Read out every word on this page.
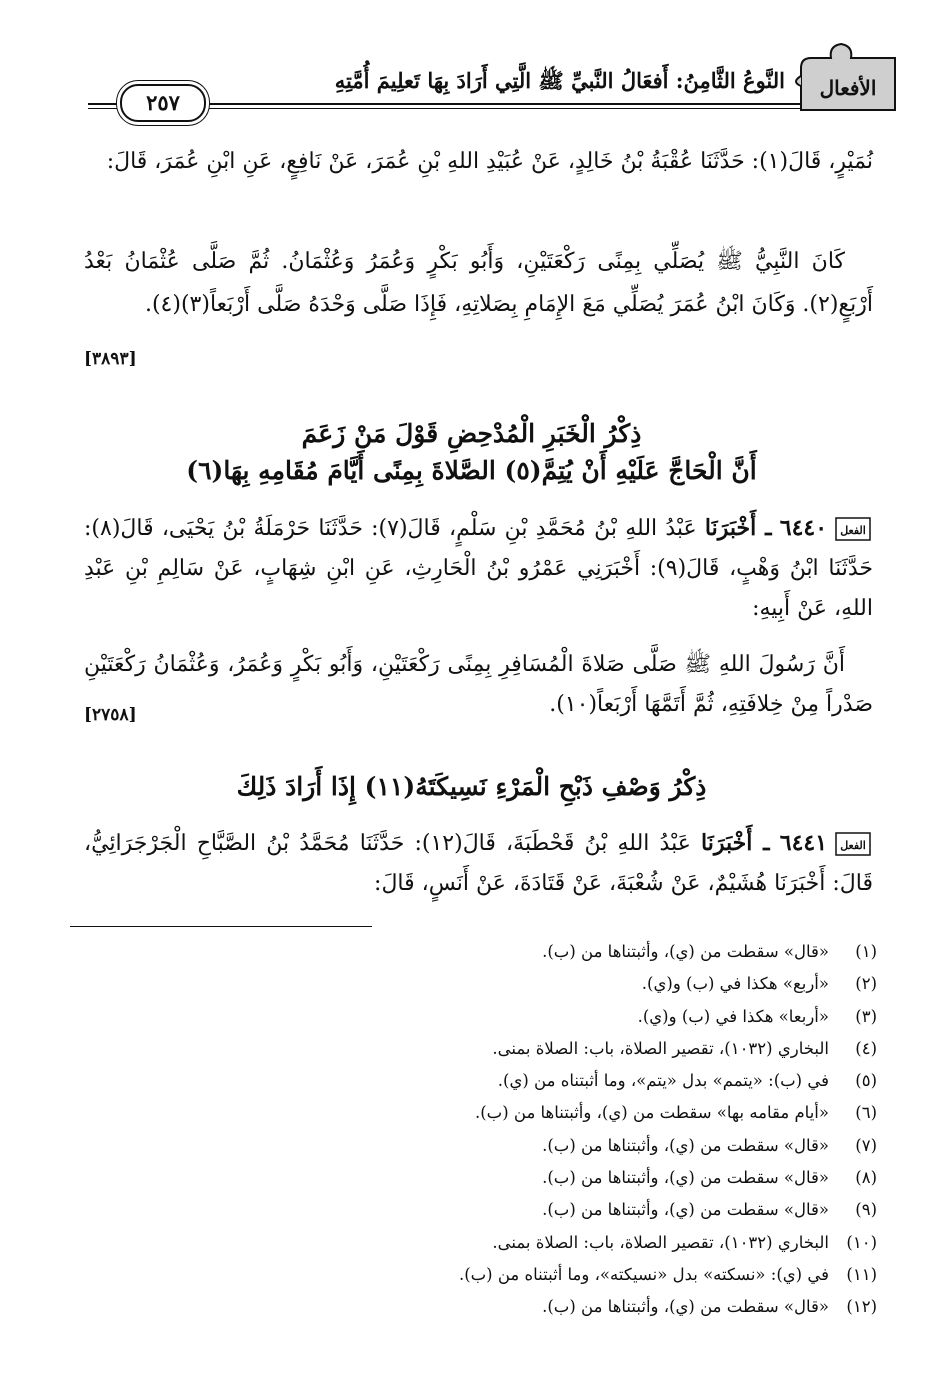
الأفعال
النَّوعُ الثَّامِنُ: أَفعَالُ النَّبيِّ ﷺ الَّتِي أَرَادَ بِهَا تَعلِيمَ أُمَّتِهِ
٢٥٧
نُمَيْرٍ، قَالَ(١): حَدَّثَنَا عُقْبَةُ بْنُ خَالِدٍ، عَنْ عُبَيْدِ اللهِ بْنِ عُمَرَ، عَنْ نَافِعٍ، عَنِ ابْنِ عُمَرَ، قَالَ:
كَانَ النَّبِيُّ ﷺ يُصَلِّي بِمِنًى رَكْعَتَيْنِ، وَأَبُو بَكْرٍ وَعُمَرُ وَعُثْمَانُ. ثُمَّ صَلَّى عُثْمَانُ بَعْدُ أَرْبَعٍ(٢). وَكَانَ ابْنُ عُمَرَ يُصَلِّي مَعَ الإِمَامِ بِصَلاتِهِ، فَإِذَا صَلَّى وَحْدَهُ صَلَّى أَرْبَعاً(٣)(٤).
[٣٨٩٣]
ذِكْرُ الْخَبَرِ الْمُدْحِضِ قَوْلَ مَنْ زَعَمَ
أَنَّ الْحَاجَّ عَلَيْهِ أَنْ يُتِمَّ(٥) الصَّلاةَ بِمِنًى أَيَّامَ مُقَامِهِ بِهَا(٦)
الفعل
٦٤٤٠ ـ أَخْبَرَنَا عَبْدُ اللهِ بْنُ مُحَمَّدِ بْنِ سَلْمٍ، قَالَ(٧): حَدَّثَنَا حَرْمَلَةُ بْنُ يَحْيَى، قَالَ(٨): حَدَّثَنَا ابْنُ وَهْبٍ، قَالَ(٩): أَخْبَرَنِي عَمْرُو بْنُ الْحَارِثِ، عَنِ ابْنِ شِهَابٍ، عَنْ سَالِمِ بْنِ عَبْدِ اللهِ، عَنْ أَبِيهِ:
أَنَّ رَسُولَ اللهِ ﷺ صَلَّى صَلاةَ الْمُسَافِرِ بِمِنًى رَكْعَتَيْنِ، وَأَبُو بَكْرٍ وَعُمَرُ، وَعُثْمَانُ رَكْعَتَيْنِ صَدْراً مِنْ خِلافَتِهِ، ثُمَّ أَتَمَّهَا أَرْبَعاً(١٠).
[٢٧٥٨]
ذِكْرُ وَصْفِ ذَبْحِ الْمَرْءِ نَسِيكَتَهُ(١١) إِذَا أَرَادَ ذَلِكَ
الفعل
٦٤٤١ ـ أَخْبَرَنَا عَبْدُ اللهِ بْنُ قَحْطَبَةَ، قَالَ(١٢): حَدَّثَنَا مُحَمَّدُ بْنُ الصَّبَّاحِ الْجَرْجَرَائِيُّ، قَالَ: أَخْبَرَنَا هُشَيْمٌ، عَنْ شُعْبَةَ، عَنْ قَتَادَةَ، عَنْ أَنَسٍ، قَالَ:
(١)«قال» سقطت من (ي)، وأثبتناها من (ب).
(٢)«أربع» هكذا في (ب) و(ي).
(٣)«أربعا» هكذا في (ب) و(ي).
(٤)البخاري (١٠٣٢)، تقصير الصلاة، باب: الصلاة بمنى.
(٥)في (ب): «يتمم» بدل «يتم»، وما أثبتناه من (ي).
(٦)«أيام مقامه بها» سقطت من (ي)، وأثبتناها من (ب).
(٧)«قال» سقطت من (ي)، وأثبتناها من (ب).
(٨)«قال» سقطت من (ي)، وأثبتناها من (ب).
(٩)«قال» سقطت من (ي)، وأثبتناها من (ب).
(١٠)البخاري (١٠٣٢)، تقصير الصلاة، باب: الصلاة بمنى.
(١١)في (ي): «نسكته» بدل «نسيكته»، وما أثبتناه من (ب).
(١٢)«قال» سقطت من (ي)، وأثبتناها من (ب).
